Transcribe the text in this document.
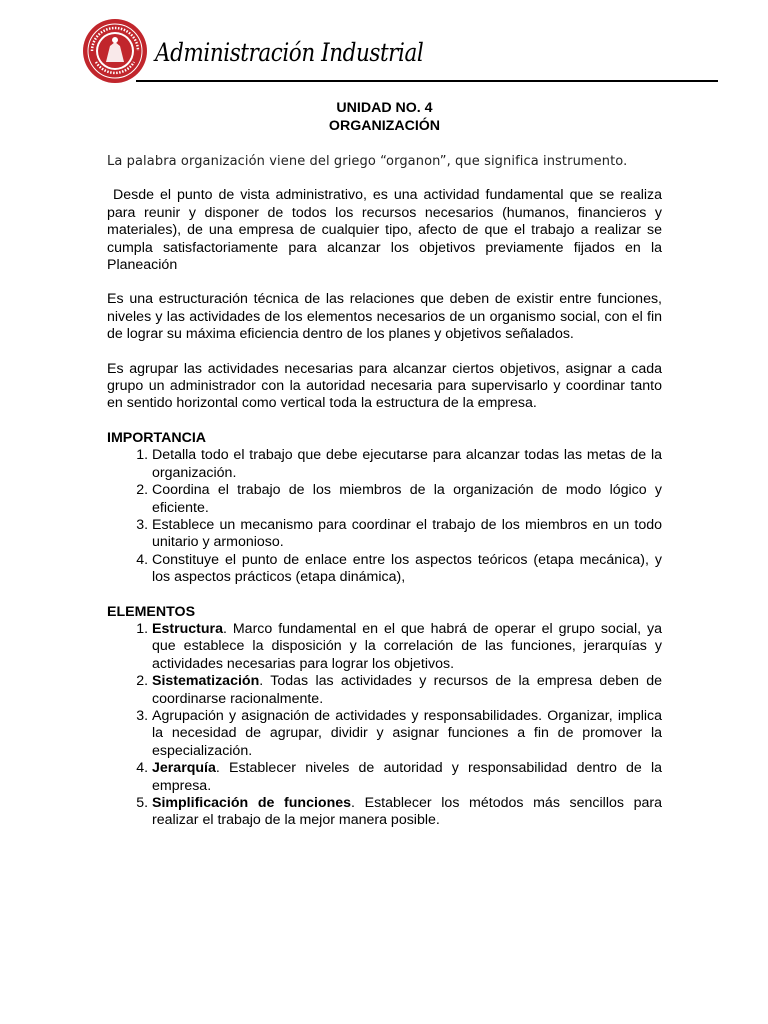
Administración Industrial
UNIDAD NO. 4
ORGANIZACIÓN

La palabra organización viene del griego “organon”, que significa instrumento.

Desde el punto de vista administrativo, es una actividad fundamental que se realiza para reunir y disponer de todos los recursos necesarios (humanos, financieros y materiales), de una empresa de cualquier tipo, afecto de que el trabajo a realizar se cumpla satisfactoriamente para alcanzar los objetivos previamente fijados en la Planeación

Es una estructuración técnica de las relaciones que deben de existir entre funciones, niveles y las actividades de los elementos necesarios de un organismo social, con el fin de lograr su máxima eficiencia dentro de los planes y objetivos señalados.

Es agrupar las actividades necesarias para alcanzar ciertos objetivos, asignar a cada grupo un administrador con la autoridad necesaria para supervisarlo y coordinar tanto en sentido horizontal como vertical toda la estructura de la empresa.

IMPORTANCIA

1. Detalla todo el trabajo que debe ejecutarse para alcanzar todas las metas de la organización.
2. Coordina el trabajo de los miembros de la organización de modo lógico y eficiente.
3. Establece un mecanismo para coordinar el trabajo de los miembros en un todo unitario y armonioso.
4. Constituye el punto de enlace entre los aspectos teóricos (etapa mecánica), y los aspectos prácticos (etapa dinámica),

ELEMENTOS

1. Estructura. Marco fundamental en el que habrá de operar el grupo social, ya que establece la disposición y la correlación de las funciones, jerarquías y actividades necesarias para lograr los objetivos.
2. Sistematización. Todas las actividades y recursos de la empresa deben de coordinarse racionalmente.
3. Agrupación y asignación de actividades y responsabilidades. Organizar, implica la necesidad de agrupar, dividir y asignar funciones a fin de promover la especialización.
4. Jerarquía. Establecer niveles de autoridad y responsabilidad dentro de la empresa.
5. Simplificación de funciones. Establecer los métodos más sencillos para realizar el trabajo de la mejor manera posible.
